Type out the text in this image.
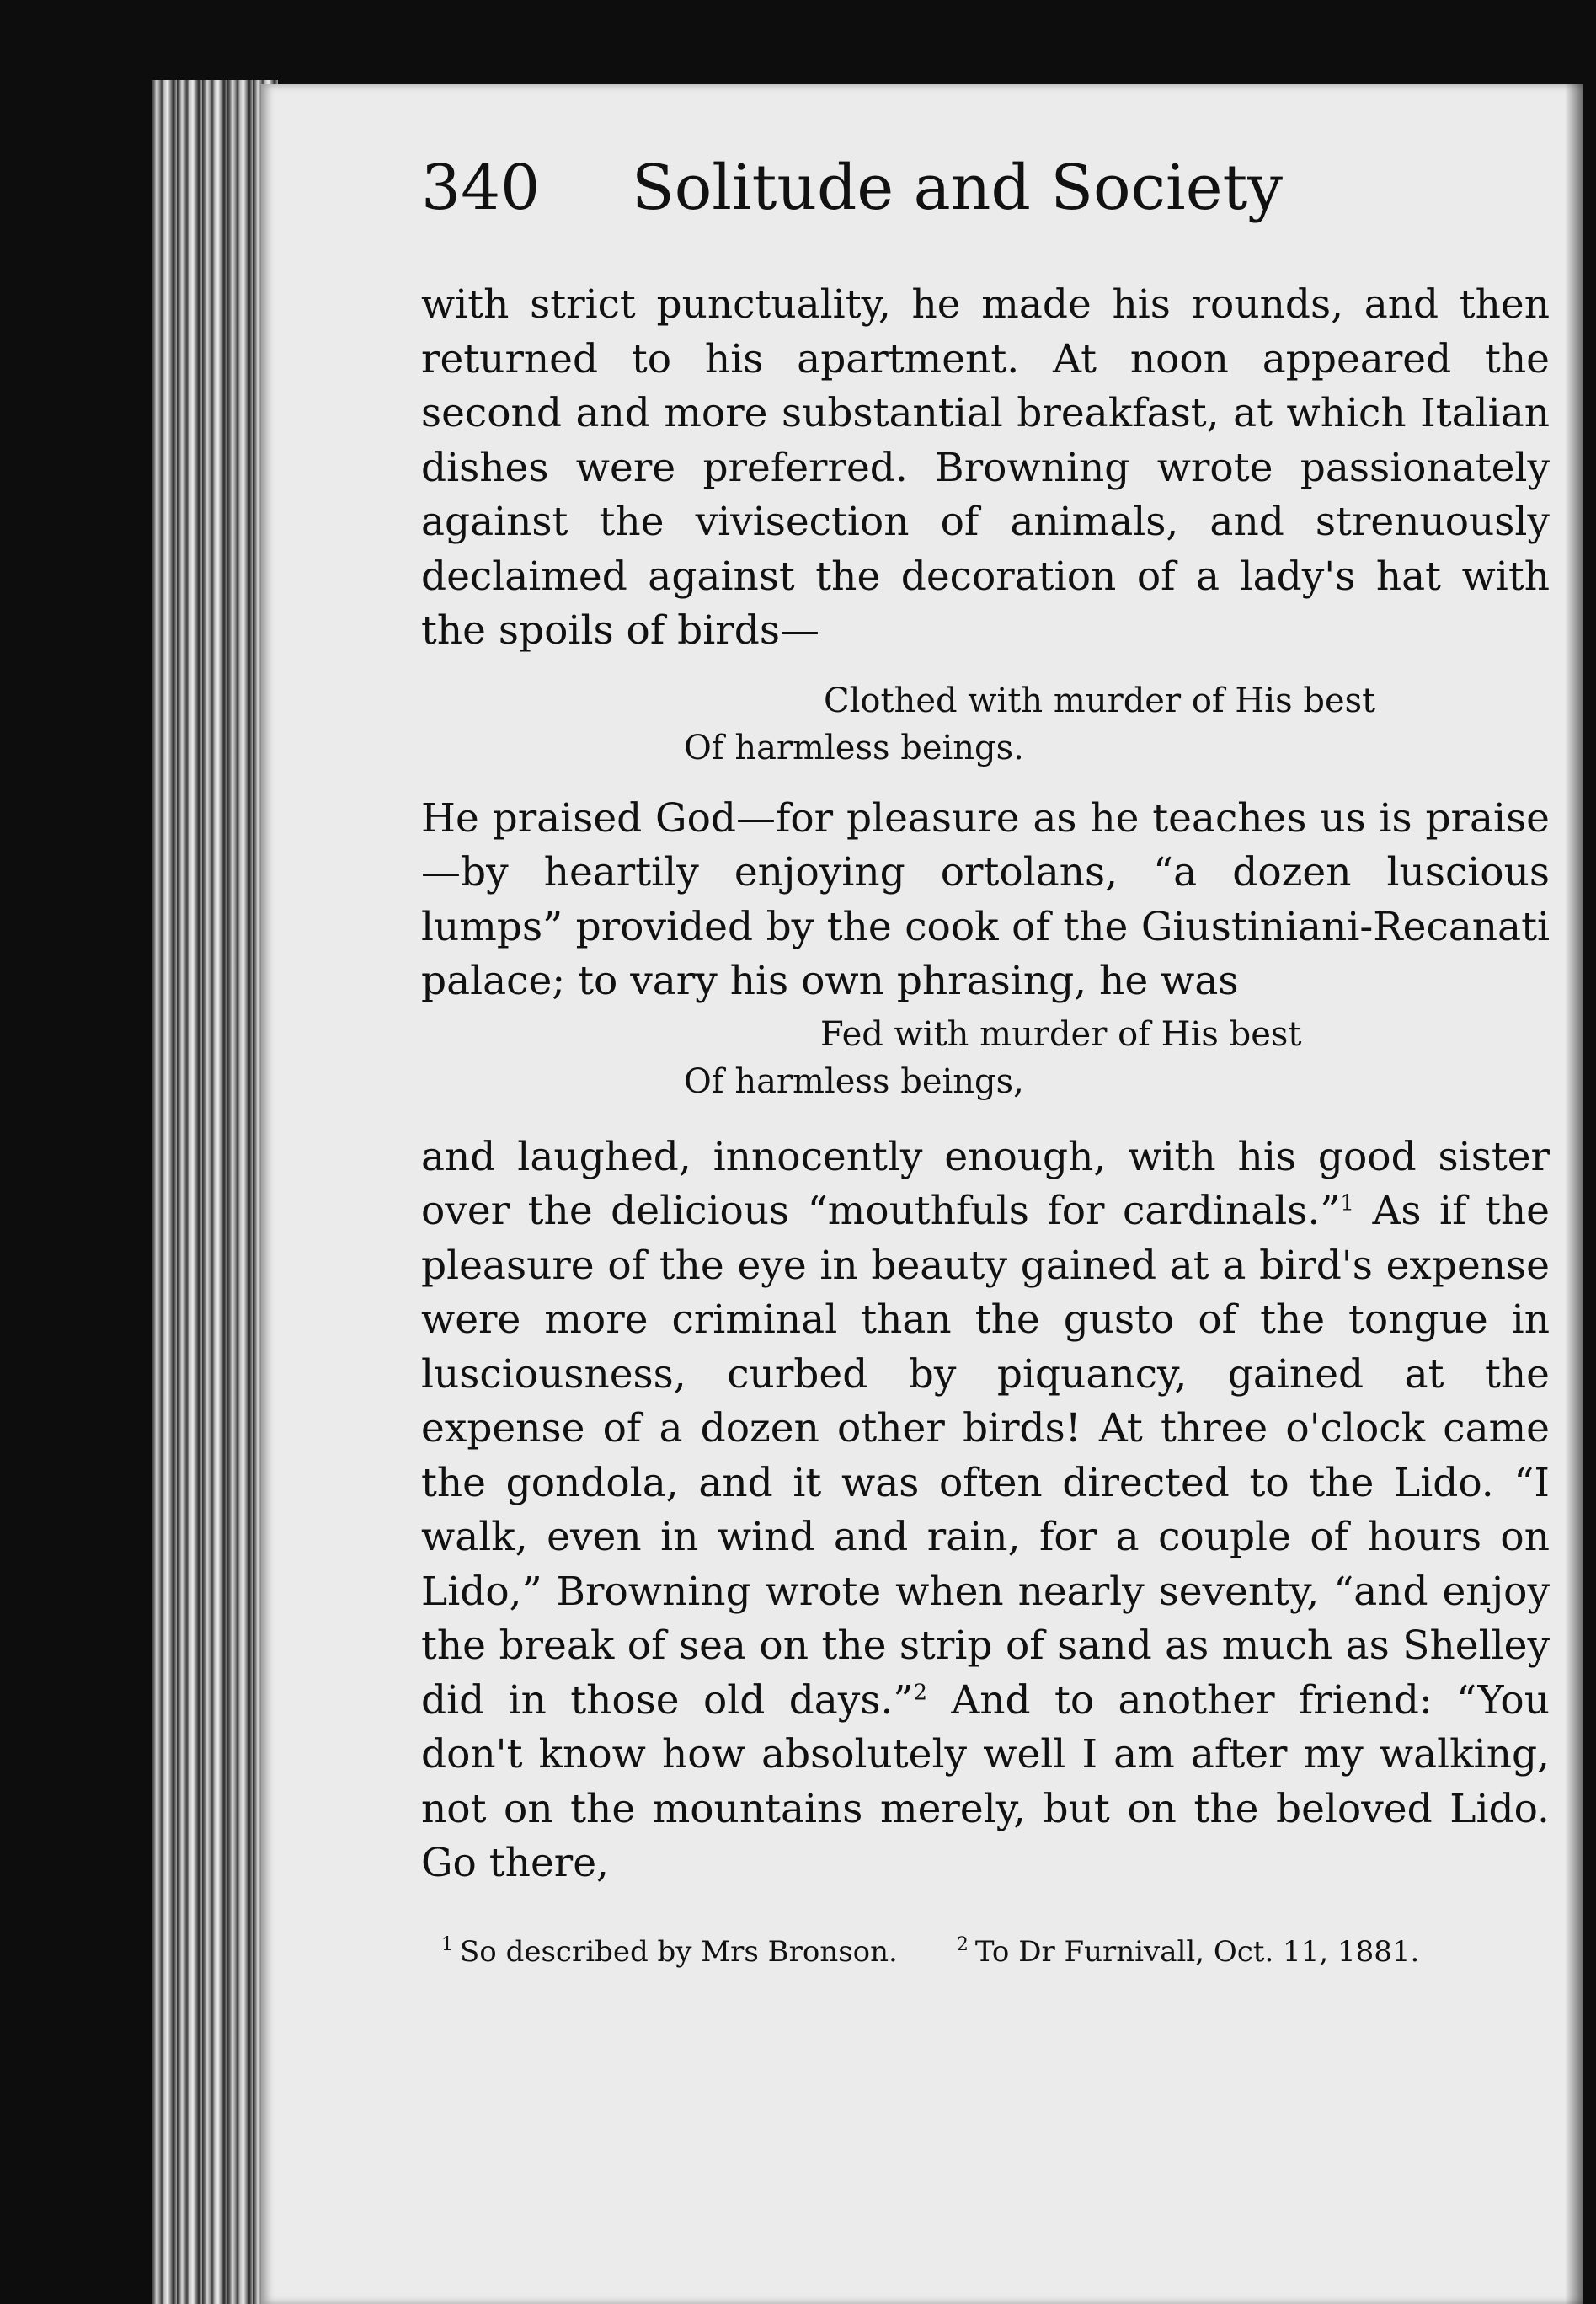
340	Solitude and Society

with strict punctuality, he made his rounds, and then returned to his apartment. At noon appeared the second and more substantial breakfast, at which Italian dishes were preferred. Browning wrote passionately against the vivisection of animals, and strenuously declaimed against the decoration of a lady's hat with the spoils of birds—

Clothed with murder of His best
Of harmless beings.

He praised God—for pleasure as he teaches us is praise—by heartily enjoying ortolans, “a dozen luscious lumps” provided by the cook of the Giustiniani-Recanati palace; to vary his own phrasing, he was

Fed with murder of His best
Of harmless beings,

and laughed, innocently enough, with his good sister over the delicious “mouthfuls for cardinals.”$^1$ As if the pleasure of the eye in beauty gained at a bird's expense were more criminal than the gusto of the tongue in lusciousness, curbed by piquancy, gained at the expense of a dozen other birds! At three o'clock came the gondola, and it was often directed to the Lido. “I walk, even in wind and rain, for a couple of hours on Lido,” Browning wrote when nearly seventy, “and enjoy the break of sea on the strip of sand as much as Shelley did in those old days.”$^2$ And to another friend: “You don't know how absolutely well I am after my walking, not on the mountains merely, but on the beloved Lido. Go there,

$^1$ So described by Mrs Bronson.	$^2$ To Dr Furnivall, Oct. 11, 1881.
